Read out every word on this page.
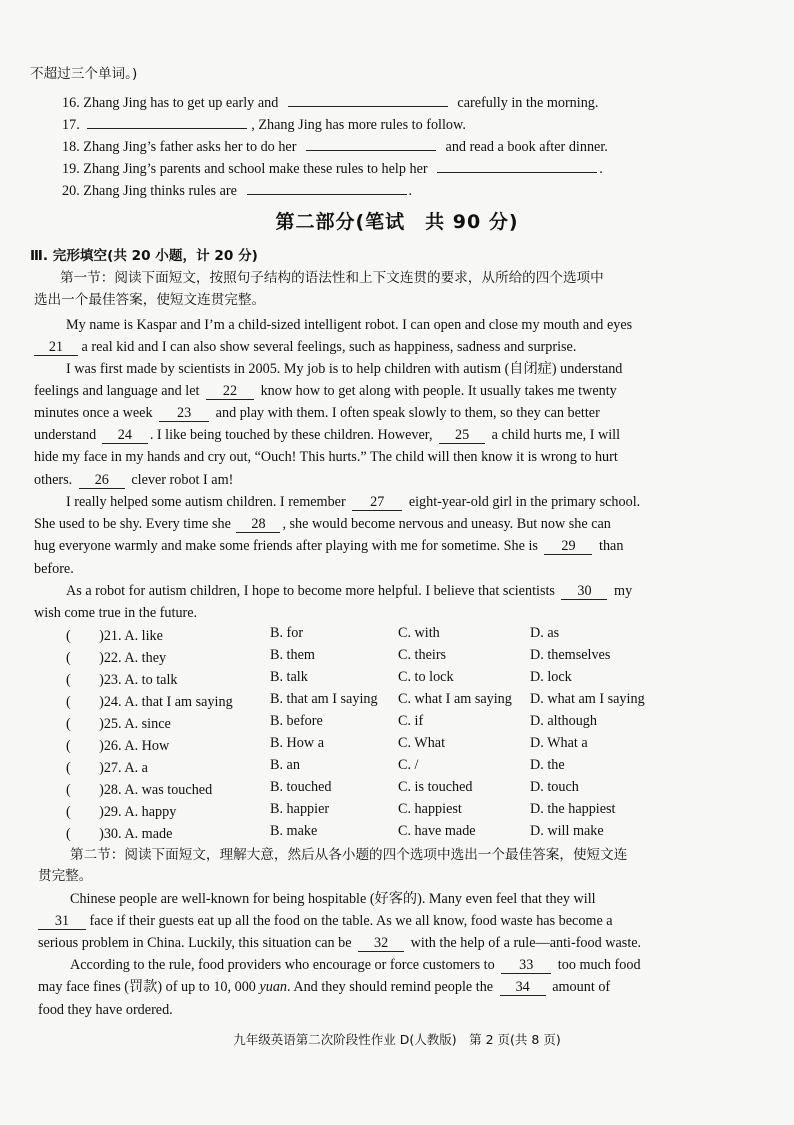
不超过三个单词。)
16. Zhang Jing has to get up early and	carefully in the morning.
17.	, Zhang Jing has more rules to follow.
18. Zhang Jing’s father asks her to do her	and read a book after dinner.
19. Zhang Jing’s parents and school make these rules to help her	.
20. Zhang Jing thinks rules are	.
第二部分(笔试　共 90 分)
Ⅲ. 完形填空(共 20 小题，计 20 分)
第一节：阅读下面短文，按照句子结构的语法性和上下文连贯的要求，从所给的四个选项中
选出一个最佳答案，使短文连贯完整。
My name is Kaspar and I’m a child-sized intelligent robot. I can open and close my mouth and eyes
21 a real kid and I can also show several feelings, such as happiness, sadness and surprise.
I was first made by scientists in 2005. My job is to help children with autism (自闭症) understand
feelings and language and let 22 know how to get along with people. It usually takes me twenty
minutes once a week 23 and play with them. I often speak slowly to them, so they can better
understand 24 . I like being touched by these children. However, 25 a child hurts me, I will
hide my face in my hands and cry out, “Ouch! This hurts.” The child will then know it is wrong to hurt
others. 26 clever robot I am!
I really helped some autism children. I remember 27 eight-year-old girl in the primary school.
She used to be shy. Every time she 28 , she would become nervous and uneasy. But now she can
hug everyone warmly and make some friends after playing with me for sometime. She is 29 than
before.
As a robot for autism children, I hope to become more helpful. I believe that scientists 30 my
wish come true in the future.
(　　)21. A. like	B. for	C. with	D. as
(　　)22. A. they	B. them	C. theirs	D. themselves
(　　)23. A. to talk	B. talk	C. to lock	D. lock
(　　)24. A. that I am saying	B. that am I saying C. what I am saying D. what am I saying
(　　)25. A. since	B. before	C. if	D. although
(　　)26. A. How	B. How a	C. What	D. What a
(　　)27. A. a	B. an	C. /	D. the
(　　)28. A. was touched	B. touched	C. is touched	D. touch
(　　)29. A. happy	B. happier	C. happiest	D. the happiest
(　　)30. A. made	B. make	C. have made	D. will make
第二节：阅读下面短文，理解大意，然后从各小题的四个选项中选出一个最佳答案，使短文连
贯完整。
Chinese people are well-known for being hospitable (好客的). Many even feel that they will
31 face if their guests eat up all the food on the table. As we all know, food waste has become a
serious problem in China. Luckily, this situation can be 32 with the help of a rule—anti-food waste.
According to the rule, food providers who encourage or force customers to 33 too much food
may face fines (罚款) of up to 10, 000 yuan. And they should remind people the 34 amount of
food they have ordered.
九年级英语第二次阶段性作业 D(人教版)　第 2 页(共 8 页)
